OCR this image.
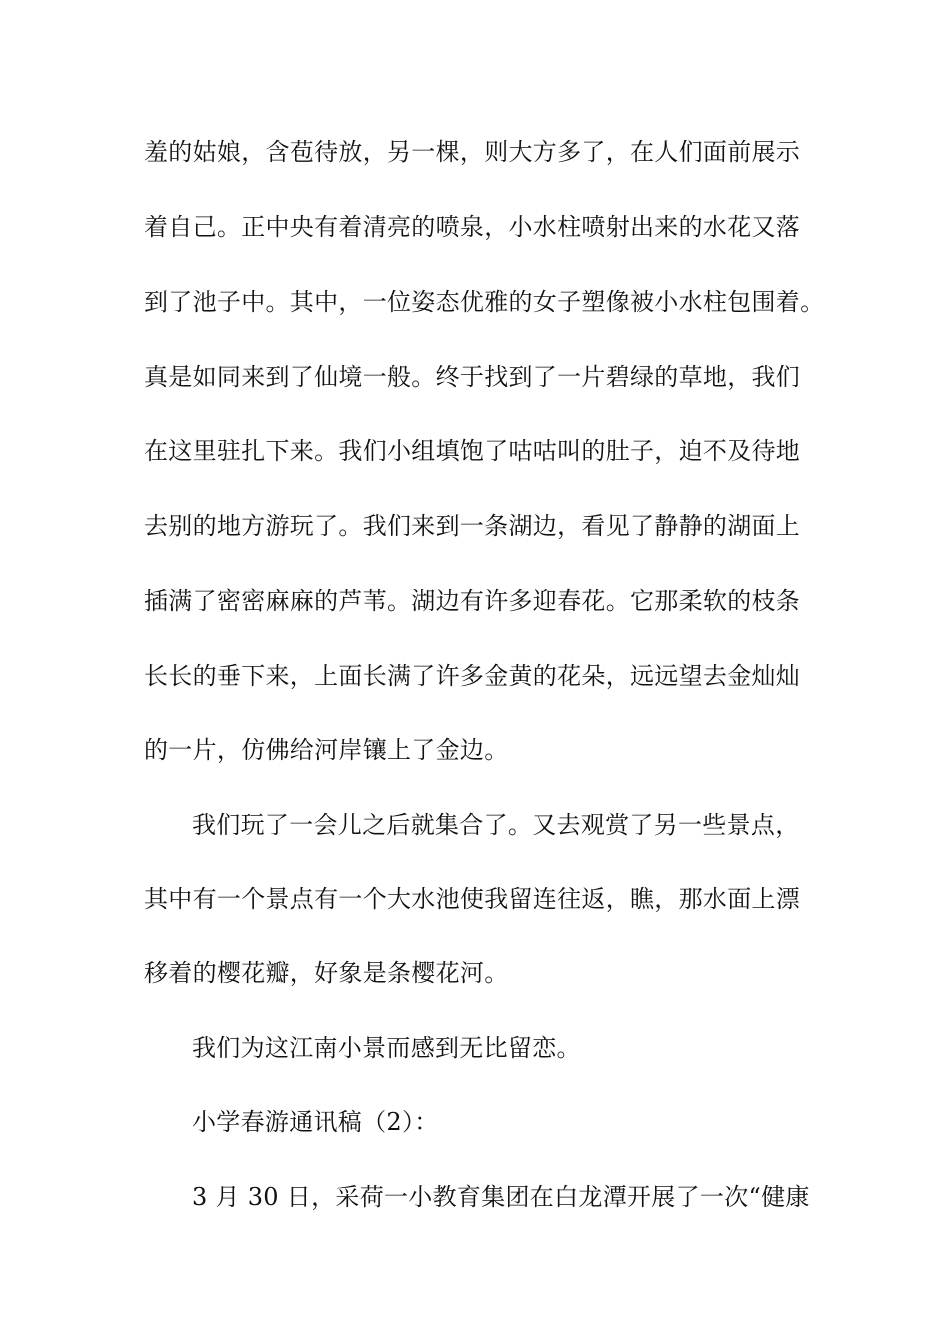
羞的姑娘，含苞待放，另一棵，则大方多了，在人们面前展示
着自己。正中央有着清亮的喷泉，小水柱喷射出来的水花又落
到了池子中。其中，一位姿态优雅的女子塑像被小水柱包围着。
真是如同来到了仙境一般。终于找到了一片碧绿的草地，我们
在这里驻扎下来。我们小组填饱了咕咕叫的肚子，迫不及待地
去别的地方游玩了。我们来到一条湖边，看见了静静的湖面上
插满了密密麻麻的芦苇。湖边有许多迎春花。它那柔软的枝条
长长的垂下来，上面长满了许多金黄的花朵，远远望去金灿灿
的一片，仿佛给河岸镶上了金边。
我们玩了一会儿之后就集合了。又去观赏了另一些景点，
其中有一个景点有一个大水池使我留连往返，瞧，那水面上漂
移着的樱花瓣，好象是条樱花河。
我们为这江南小景而感到无比留恋。
小学春游通讯稿（2）：
3 月 30 日，采荷一小教育集团在白龙潭开展了一次“健康
